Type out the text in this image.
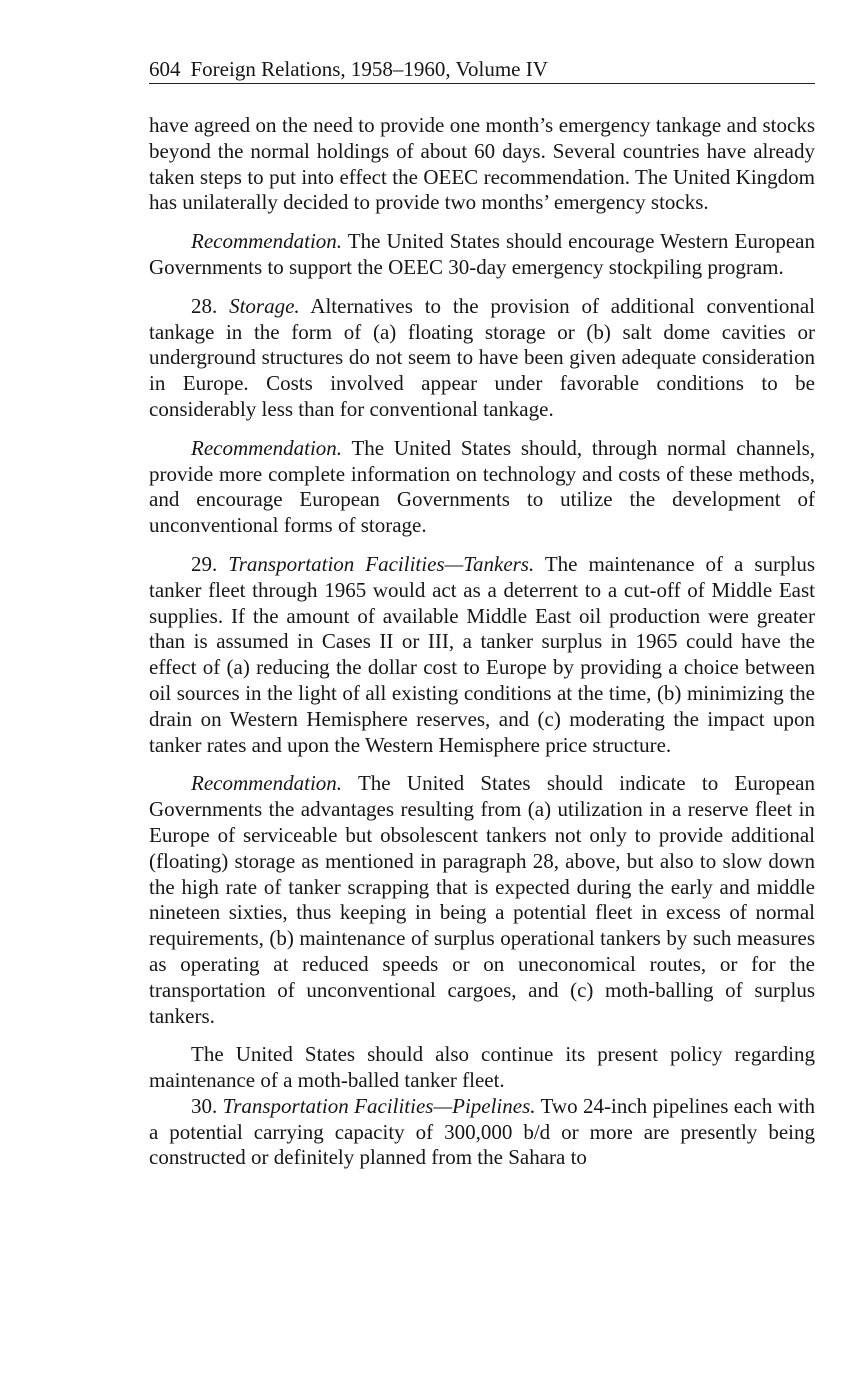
604 Foreign Relations, 1958–1960, Volume IV

have agreed on the need to provide one month’s emergency tankage and stocks beyond the normal holdings of about 60 days. Several countries have already taken steps to put into effect the OEEC recommendation. The United Kingdom has unilaterally decided to provide two months’ emergency stocks.

Recommendation. The United States should encourage Western European Governments to support the OEEC 30-day emergency stockpiling program.

28. Storage. Alternatives to the provision of additional conventional tankage in the form of (a) floating storage or (b) salt dome cavities or underground structures do not seem to have been given adequate consideration in Europe. Costs involved appear under favorable conditions to be considerably less than for conventional tankage.

Recommendation. The United States should, through normal channels, provide more complete information on technology and costs of these methods, and encourage European Governments to utilize the development of unconventional forms of storage.

29. Transportation Facilities—Tankers. The maintenance of a surplus tanker fleet through 1965 would act as a deterrent to a cut-off of Middle East supplies. If the amount of available Middle East oil production were greater than is assumed in Cases II or III, a tanker surplus in 1965 could have the effect of (a) reducing the dollar cost to Europe by providing a choice between oil sources in the light of all existing conditions at the time, (b) minimizing the drain on Western Hemisphere reserves, and (c) moderating the impact upon tanker rates and upon the Western Hemisphere price structure.

Recommendation. The United States should indicate to European Governments the advantages resulting from (a) utilization in a reserve fleet in Europe of serviceable but obsolescent tankers not only to provide additional (floating) storage as mentioned in paragraph 28, above, but also to slow down the high rate of tanker scrapping that is expected during the early and middle nineteen sixties, thus keeping in being a potential fleet in excess of normal requirements, (b) maintenance of surplus operational tankers by such measures as operating at reduced speeds or on uneconomical routes, or for the transportation of unconventional cargoes, and (c) moth-balling of surplus tankers.

The United States should also continue its present policy regarding maintenance of a moth-balled tanker fleet.

30. Transportation Facilities—Pipelines. Two 24-inch pipelines each with a potential carrying capacity of 300,000 b/d or more are presently being constructed or definitely planned from the Sahara to
